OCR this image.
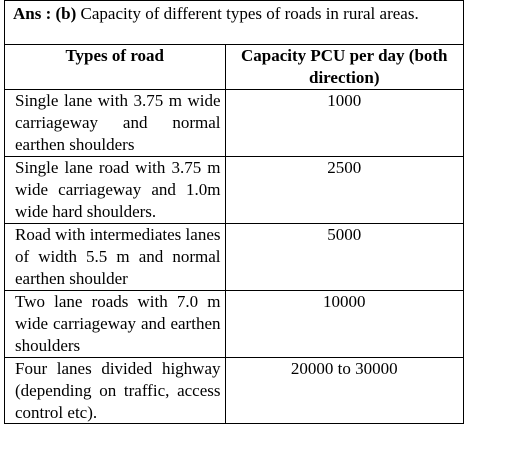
Ans : (b) Capacity of different types of roads in rural areas.
Types of road	Capacity PCU per day (both direction)
Single lane with 3.75 m wide carriageway and normal earthen shoulders	1000
Single lane road with 3.75 m wide carriageway and 1.0m wide hard shoulders.	2500
Road with intermediates lanes of width 5.5 m and normal earthen shoulder	5000
Two lane roads with 7.0 m wide carriageway and earthen shoulders	10000
Four lanes divided highway (depending on traffic, access control etc).	20000 to 30000
